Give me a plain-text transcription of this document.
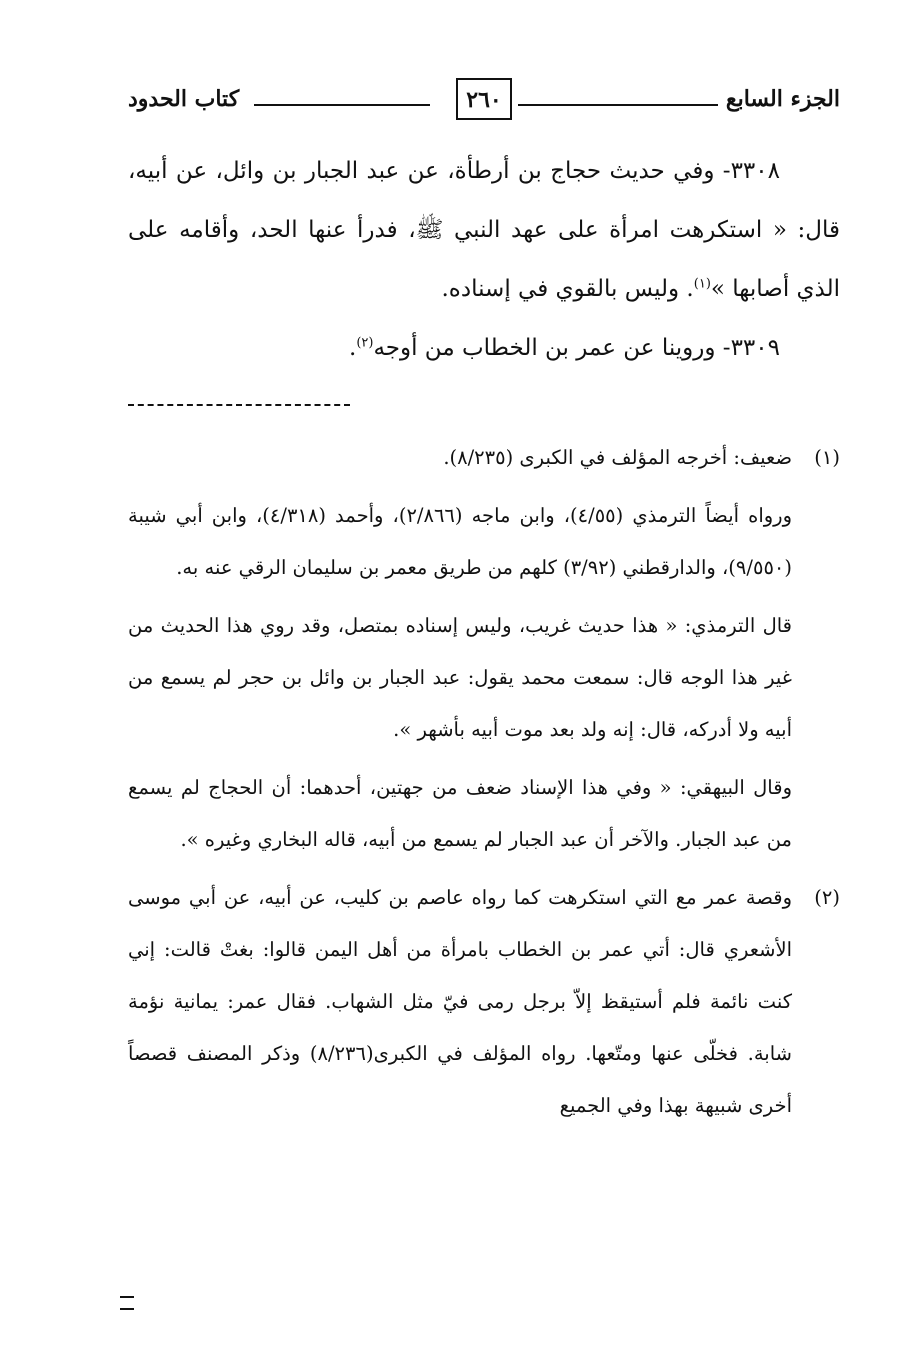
الجزء السابع
٢٦٠
كتاب الحدود

٣٣٠٨- وفي حديث حجاج بن أرطأة، عن عبد الجبار بن وائل، عن أبيه، قال: « استكرهت امرأة على عهد النبي ﷺ، فدرأ عنها الحد، وأقامه على الذي أصابها »$^{(١)}$. وليس بالقوي في إسناده.

٣٣٠٩- وروينا عن عمر بن الخطاب من أوجه$^{(٢)}$.

(١)

ضعيف: أخرجه المؤلف في الكبرى (٨/٢٣٥).

ورواه أيضاً الترمذي (٤/٥٥)، وابن ماجه (٢/٨٦٦)، وأحمد (٤/٣١٨)، وابن أبي شيبة (٩/٥٥٠)، والدارقطني (٣/٩٢) كلهم من طريق معمر بن سليمان الرقي عنه به.

قال الترمذي: « هذا حديث غريب، وليس إسناده بمتصل، وقد روي هذا الحديث من غير هذا الوجه قال: سمعت محمد يقول: عبد الجبار بن وائل بن حجر لم يسمع من أبيه ولا أدركه، قال: إنه ولد بعد موت أبيه بأشهر ».

وقال البيهقي: « وفي هذا الإسناد ضعف من جهتين، أحدهما: أن الحجاج لم يسمع من عبد الجبار. والآخر أن عبد الجبار لم يسمع من أبيه، قاله البخاري وغيره ».

(٢)

وقصة عمر مع التي استكرهت كما رواه عاصم بن كليب، عن أبيه، عن أبي موسى الأشعري قال: أتي عمر بن الخطاب بامرأة من أهل اليمن قالوا: بغتْ قالت: إني كنت نائمة فلم أستيقظ إلاّ برجل رمى فيّ مثل الشهاب. فقال عمر: يمانية نؤمة شابة. فخلّى عنها ومتّعها. رواه المؤلف في الكبرى(٨/٢٣٦) وذكر المصنف قصصاً أخرى شبيهة بهذا وفي الجميع
